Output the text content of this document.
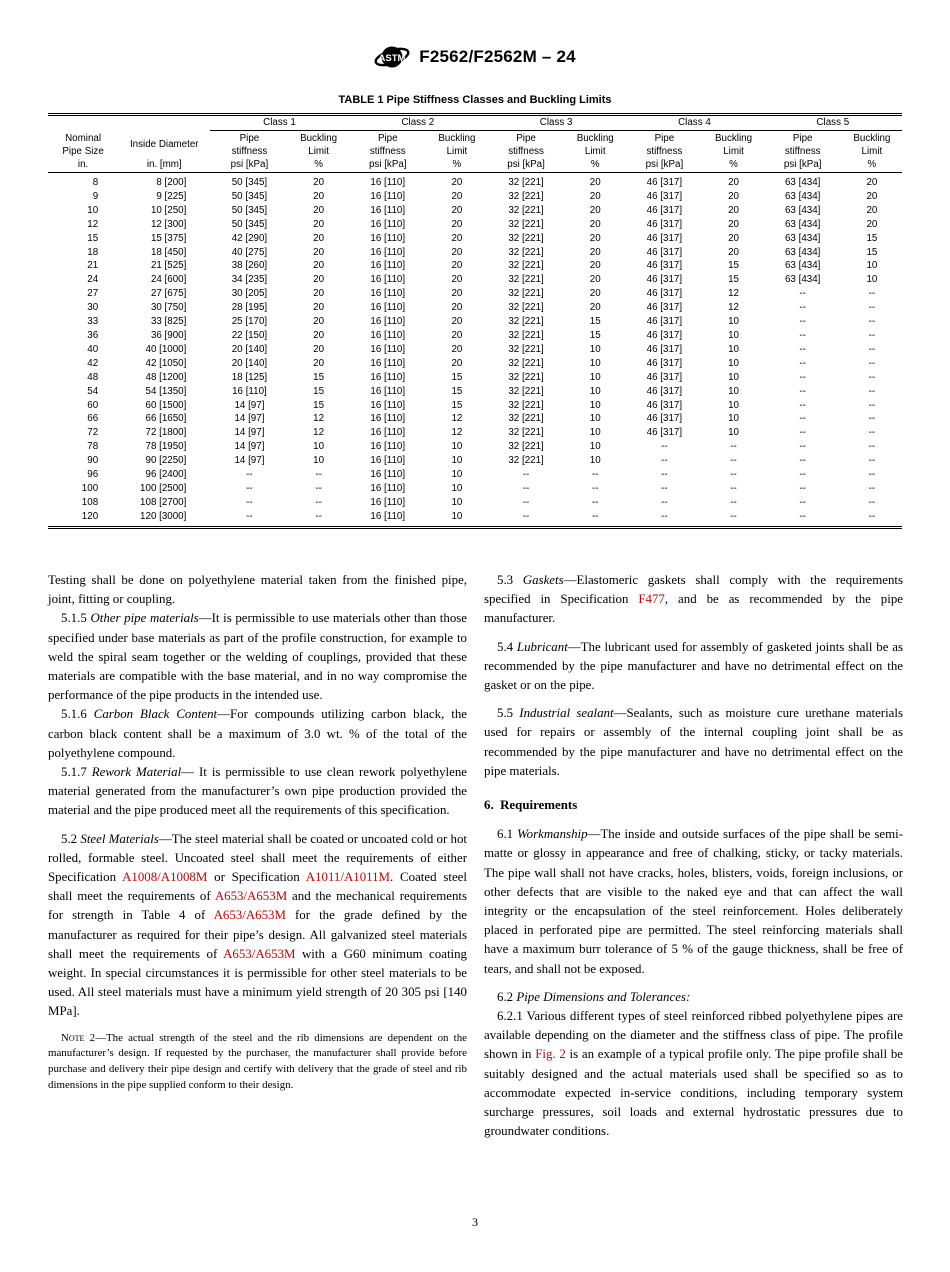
ASTM F2562/F2562M – 24
TABLE 1 Pipe Stiffness Classes and Buckling Limits
		Class 1		Class 2		Class 3		Class 4		Class 5	

Nominal
Pipe Size
in.

Inside Diameter
in. [mm]

Pipe
stiffness
psi [kPa]

Buckling
Limit
%

Pipe
stiffness
psi [kPa]

Buckling
Limit
%

Pipe
stiffness
psi [kPa]

Buckling
Limit
%

Pipe
stiffness
psi [kPa]

Buckling
Limit
%

Pipe
stiffness
psi [kPa]

Buckling
Limit
%

8	8 [200]	50 [345]	20	16 [110]	20	32 [221]	20	46 [317]	20	63 [434]	20
9	9 [225]	50 [345]	20	16 [110]	20	32 [221]	20	46 [317]	20	63 [434]	20
10	10 [250]	50 [345]	20	16 [110]	20	32 [221]	20	46 [317]	20	63 [434]	20
12	12 [300]	50 [345]	20	16 [110]	20	32 [221]	20	46 [317]	20	63 [434]	20
15	15 [375]	42 [290]	20	16 [110]	20	32 [221]	20	46 [317]	20	63 [434]	15
18	18 [450]	40 [275]	20	16 [110]	20	32 [221]	20	46 [317]	20	63 [434]	15
21	21 [525]	38 [260]	20	16 [110]	20	32 [221]	20	46 [317]	15	63 [434]	10
24	24 [600]	34 [235]	20	16 [110]	20	32 [221]	20	46 [317]	15	63 [434]	10
27	27 [675]	30 [205]	20	16 [110]	20	32 [221]	20	46 [317]	12	--	--
30	30 [750]	28 [195]	20	16 [110]	20	32 [221]	20	46 [317]	12	--	--
33	33 [825]	25 [170]	20	16 [110]	20	32 [221]	15	46 [317]	10	--	--
36	36 [900]	22 [150]	20	16 [110]	20	32 [221]	15	46 [317]	10	--	--
40	40 [1000]	20 [140]	20	16 [110]	20	32 [221]	10	46 [317]	10	--	--
42	42 [1050]	20 [140]	20	16 [110]	20	32 [221]	10	46 [317]	10	--	--
48	48 [1200]	18 [125]	15	16 [110]	15	32 [221]	10	46 [317]	10	--	--
54	54 [1350]	16 [110]	15	16 [110]	15	32 [221]	10	46 [317]	10	--	--
60	60 [1500]	14 [97]	15	16 [110]	15	32 [221]	10	46 [317]	10	--	--
66	66 [1650]	14 [97]	12	16 [110]	12	32 [221]	10	46 [317]	10	--	--
72	72 [1800]	14 [97]	12	16 [110]	12	32 [221]	10	46 [317]	10	--	--
78	78 [1950]	14 [97]	10	16 [110]	10	32 [221]	10	--	--	--	--
90	90 [2250]	14 [97]	10	16 [110]	10	32 [221]	10	--	--	--	--
96	96 [2400]	--	--	16 [110]	10	--	--	--	--	--	--
100	100 [2500]	--	--	16 [110]	10	--	--	--	--	--	--
108	108 [2700]	--	--	16 [110]	10	--	--	--	--	--	--
120	120 [3000]	--	--	16 [110]	10	--	--	--	--	--	--

Testing shall be done on polyethylene material taken from the finished pipe, joint, fitting or coupling.

5.1.5 Other pipe materials—It is permissible to use materials other than those specified under base materials as part of the profile construction, for example to weld the spiral seam together or the welding of couplings, provided that these materials are compatible with the base material, and in no way compromise the performance of the pipe products in the intended use.

5.1.6 Carbon Black Content—For compounds utilizing carbon black, the carbon black content shall be a maximum of 3.0 wt. % of the total of the polyethylene compound.

5.1.7 Rework Material— It is permissible to use clean rework polyethylene material generated from the manufacturer’s own pipe production provided the material and the pipe produced meet all the requirements of this specification.

5.2 Steel Materials—The steel material shall be coated or uncoated cold or hot rolled, formable steel. Uncoated steel shall meet the requirements of either Specification A1008/A1008M or Specification A1011/A1011M. Coated steel shall meet the requirements of A653/A653M and the mechanical requirements for strength in Table 4 of A653/A653M for the grade defined by the manufacturer as required for their pipe’s design. All galvanized steel materials shall meet the requirements of A653/A653M with a G60 minimum coating weight. In special circumstances it is permissible for other steel materials to be used. All steel materials must have a minimum yield strength of 20 305 psi [140 MPa].

Note 2—The actual strength of the steel and the rib dimensions are dependent on the manufacturer’s design. If requested by the purchaser, the manufacturer shall provide before purchase and delivery their pipe design and certify with delivery that the grade of steel and rib dimensions in the pipe supplied conform to their design.

5.3 Gaskets—Elastomeric gaskets shall comply with the requirements specified in Specification F477, and be as recommended by the pipe manufacturer.

5.4 Lubricant—The lubricant used for assembly of gasketed joints shall be as recommended by the pipe manufacturer and have no detrimental effect on the gasket or on the pipe.

5.5 Industrial sealant—Sealants, such as moisture cure urethane materials used for repairs or assembly of the internal coupling joint shall be as recommended by the pipe manufacturer and have no detrimental effect on the pipe materials.

6. Requirements

6.1 Workmanship—The inside and outside surfaces of the pipe shall be semi-matte or glossy in appearance and free of chalking, sticky, or tacky materials. The pipe wall shall not have cracks, holes, blisters, voids, foreign inclusions, or other defects that are visible to the naked eye and that can affect the wall integrity or the encapsulation of the steel reinforcement. Holes deliberately placed in perforated pipe are permitted. The steel reinforcing materials shall have a maximum burr tolerance of 5 % of the gauge thickness, shall be free of tears, and shall not be exposed.

6.2 Pipe Dimensions and Tolerances:

6.2.1 Various different types of steel reinforced ribbed polyethylene pipes are available depending on the diameter and the stiffness class of pipe. The profile shown in Fig. 2 is an example of a typical profile only. The pipe profile shall be suitably designed and the actual materials used shall be specified so as to accommodate expected in-service conditions, including temporary system surcharge pressures, soil loads and external hydrostatic pressures due to groundwater conditions.

3
